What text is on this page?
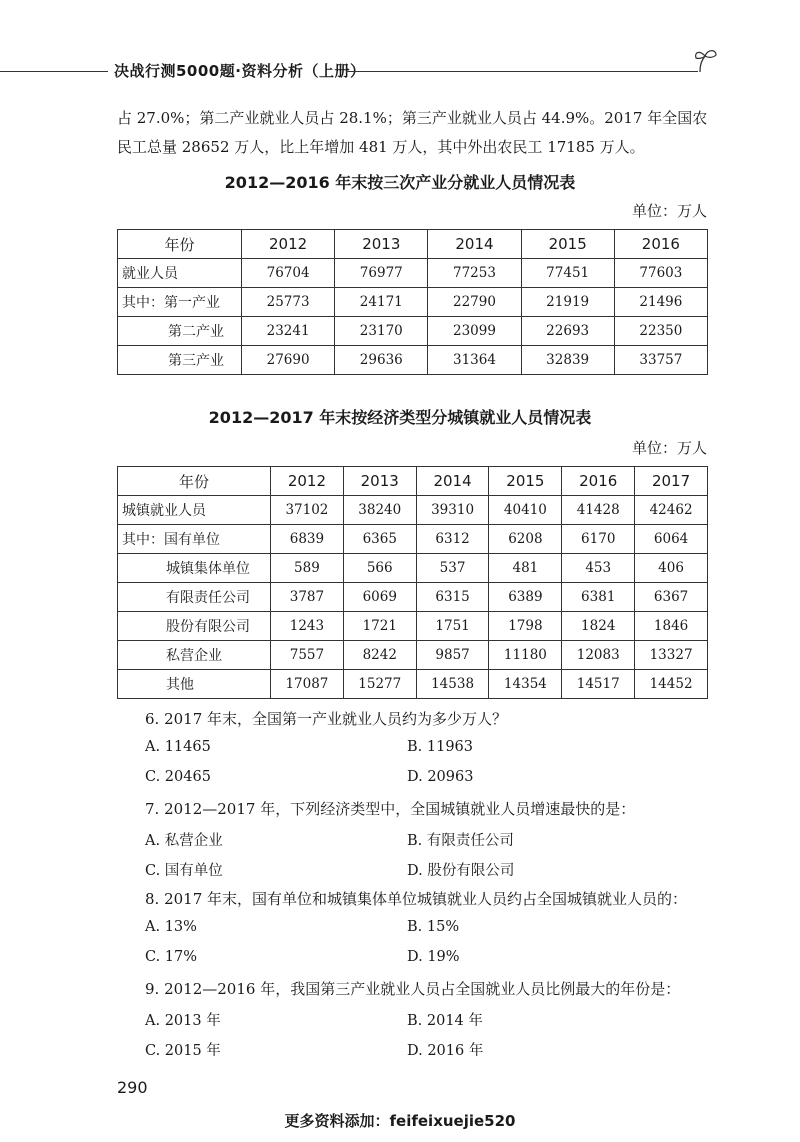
决战行测5000题·资料分析（上册）
占 27.0%；第二产业就业人员占 28.1%；第三产业就业人员占 44.9%。2017 年全国农
民工总量 28652 万人，比上年增加 481 万人，其中外出农民工 17185 万人。
2012—2016 年末按三次产业分就业人员情况表
单位：万人
年份	2012	2013	2014	2015	2016
就业人员	76704	76977	77253	77451	77603
其中：第一产业	25773	24171	22790	21919	21496
第二产业	23241	23170	23099	22693	22350
第三产业	27690	29636	31364	32839	33757
2012—2017 年末按经济类型分城镇就业人员情况表
单位：万人
年份	2012	2013	2014	2015	2016	2017
城镇就业人员	37102	38240	39310	40410	41428	42462
其中：国有单位	6839	6365	6312	6208	6170	6064
城镇集体单位	589	566	537	481	453	406
有限责任公司	3787	6069	6315	6389	6381	6367
股份有限公司	1243	1721	1751	1798	1824	1846
私营企业	7557	8242	9857	11180	12083	13327
其他	17087	15277	14538	14354	14517	14452
6. 2017 年末，全国第一产业就业人员约为多少万人？
A. 11465	B. 11963
C. 20465	D. 20963
7. 2012—2017 年，下列经济类型中，全国城镇就业人员增速最快的是：
A. 私营企业	B. 有限责任公司
C. 国有单位	D. 股份有限公司
8. 2017 年末，国有单位和城镇集体单位城镇就业人员约占全国城镇就业人员的：
A. 13%	B. 15%
C. 17%	D. 19%
9. 2012—2016 年，我国第三产业就业人员占全国就业人员比例最大的年份是：
A. 2013 年	B. 2014 年
C. 2015 年	D. 2016 年
290
更多资料添加：feifeixuejie520
